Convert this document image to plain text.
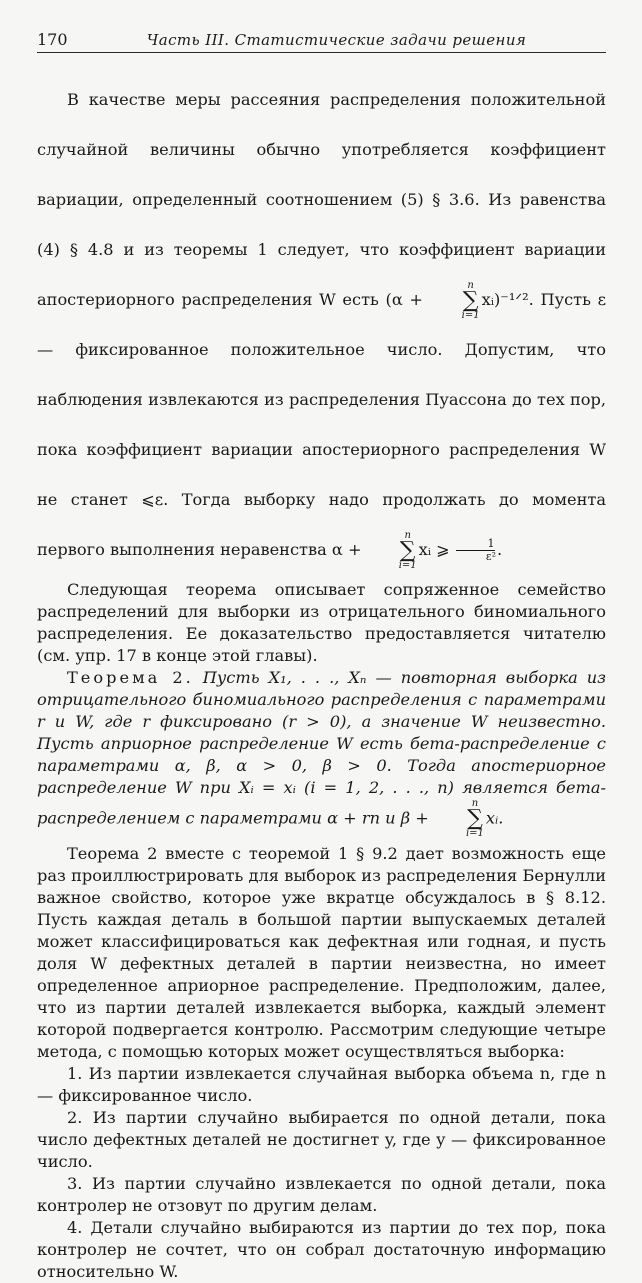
170	Часть III. Статистические задачи решения

В качестве меры рассеяния распределения положительной случайной величины обычно употребляется коэффициент вариации, определенный соотношением (5) § 3.6. Из равенства (4) § 4.8 и из теоремы 1 следует, что коэффициент вариации апостериорного распределения W есть (α +
n
∑
i=1
xᵢ)⁻¹ᐟ². Пусть ε — фиксированное положительное число. Допустим, что наблюдения извлекаются из распределения Пуассона до тех пор, пока коэффициент вариации апостериорного распределения W не станет ⩽ε. Тогда выборку надо продолжать до момента первого выполнения неравенства α +
n
∑
i=1
xᵢ ⩾ $\frac{1}{\text{ε²}}$ .

Следующая теорема описывает сопряженное семейство распределений для выборки из отрицательного биномиального распределения. Ее доказательство предоставляется читателю (см. упр. 17 в конце этой главы).

Теорема 2. Пусть X₁, . . ., Xₙ — повторная выборка из отрицательного биномиального распределения с параметрами r и W, где r фиксировано (r > 0), а значение W неизвестно. Пусть априорное распределение W есть бета-распределение с параметрами α, β, α > 0, β > 0. Тогда апостериорное распределение W при Xᵢ = xᵢ (i = 1, 2, . . ., n) является бета-распределением с параметрами α + rn и β +
n
∑
i=1
xᵢ.

Теорема 2 вместе с теоремой 1 § 9.2 дает возможность еще раз проиллюстрировать для выборок из распределения Бернулли важное свойство, которое уже вкратце обсуждалось в § 8.12. Пусть каждая деталь в большой партии выпускаемых деталей может классифицироваться как дефектная или годная, и пусть доля W дефектных деталей в партии неизвестна, но имеет определенное априорное распределение. Предположим, далее, что из партии деталей извлекается выборка, каждый элемент которой подвергается контролю. Рассмотрим следующие четыре метода, с помощью которых может осуществляться выборка:

1. Из партии извлекается случайная выборка объема n, где n — фиксированное число.

2. Из партии случайно выбирается по одной детали, пока число дефектных деталей не достигнет y, где y — фиксированное число.

3. Из партии случайно извлекается по одной детали, пока контролер не отзовут по другим делам.

4. Детали случайно выбираются из партии до тех пор, пока контролер не сочтет, что он собрал достаточную информацию относительно W.
